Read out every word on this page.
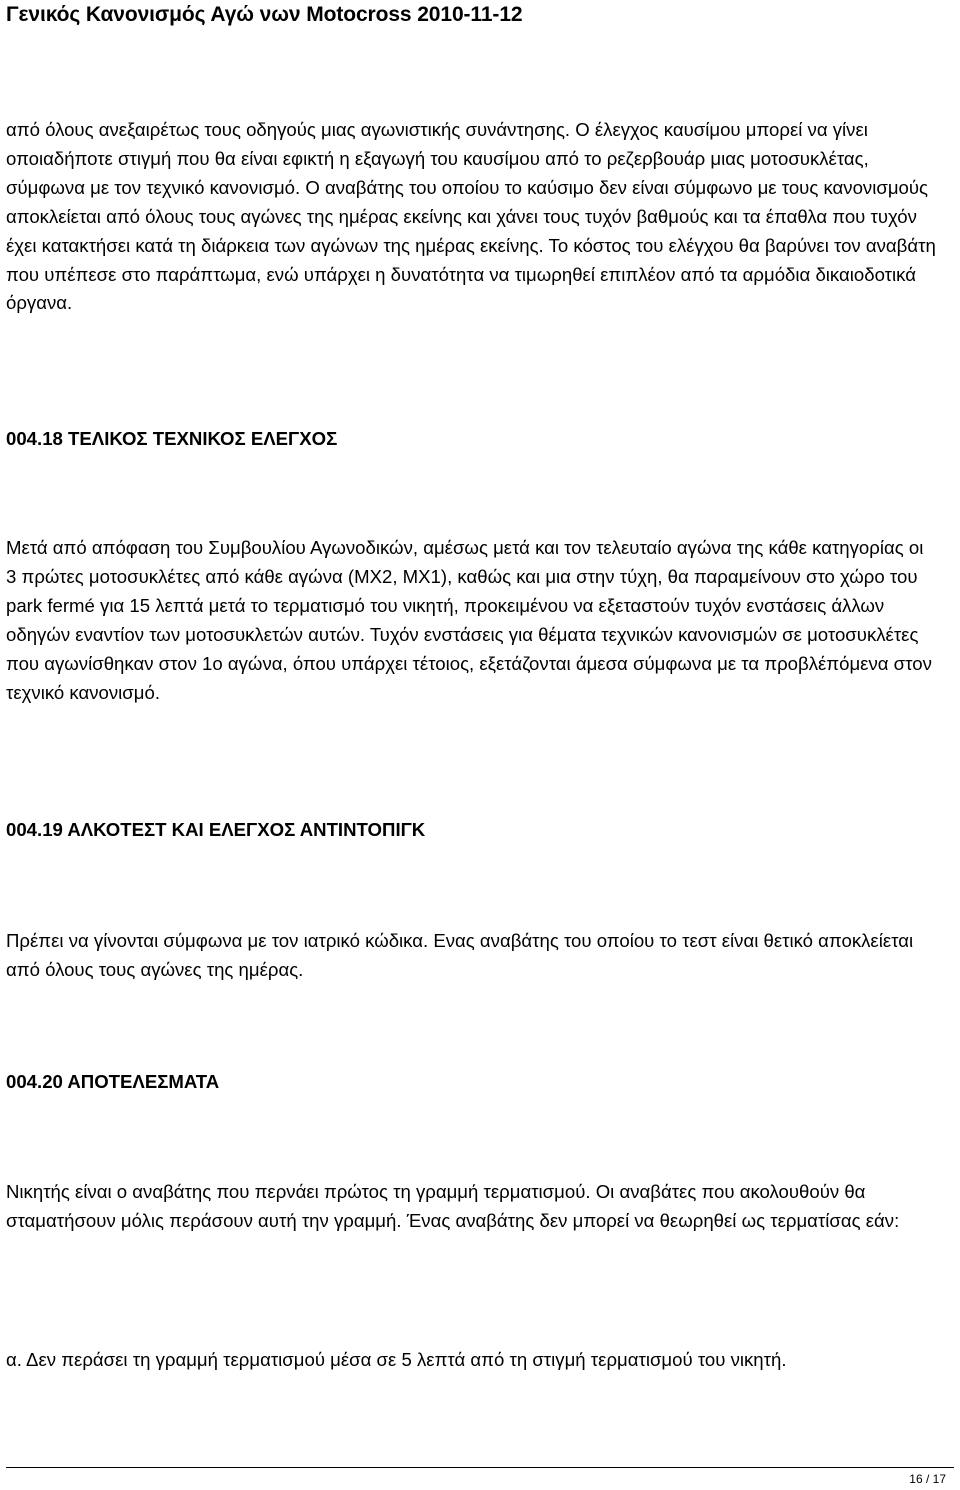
Γενικός Κανονισμός Αγώ νων Motocross 2010-11-12

από όλους ανεξαιρέτως τους οδηγούς μιας αγωνιστικής συνάντησης. Ο έλεγχος καυσίμου μπορεί να γίνει οποιαδήποτε στιγμή που θα είναι εφικτή η εξαγωγή του καυσίμου από το ρεζερβουάρ μιας μοτοσυκλέτας, σύμφωνα με τον τεχνικό κανονισμό. Ο αναβάτης του οποίου το καύσιμο δεν είναι σύμφωνο με τους κανονισμούς αποκλείεται από όλους τους αγώνες της ημέρας εκείνης και χάνει τους τυχόν βαθμούς και τα έπαθλα που τυχόν έχει κατακτήσει κατά τη διάρκεια των αγώνων της ημέρας εκείνης. Το κόστος του ελέγχου θα βαρύνει τον αναβάτη που υπέπεσε στο παράπτωμα, ενώ υπάρχει η δυνατότητα να τιμωρηθεί επιπλέον από τα αρμόδια δικαιοδοτικά όργανα.

004.18 ΤΕΛΙΚΟΣ ΤΕΧΝΙΚΟΣ ΕΛΕΓΧΟΣ

Μετά από απόφαση του Συμβουλίου Αγωνοδικών, αμέσως μετά και τον τελευταίο αγώνα της κάθε κατηγορίας οι 3 πρώτες μοτοσυκλέτες από κάθε αγώνα (MX2, MX1), καθώς και μια στην τύχη, θα παραμείνουν στο χώρο του park fermé για 15 λεπτά μετά το τερματισμό του νικητή, προκειμένου να εξεταστούν τυχόν ενστάσεις άλλων οδηγών εναντίον των μοτοσυκλετών αυτών. Τυχόν ενστάσεις για θέματα τεχνικών κανονισμών σε μοτοσυκλέτες που αγωνίσθηκαν στον 1ο αγώνα, όπου υπάρχει τέτοιος, εξετάζονται άμεσα σύμφωνα με τα προβλέπόμενα στον τεχνικό κανονισμό.

004.19 ΑΛΚΟΤΕΣΤ ΚΑΙ ΕΛΕΓΧΟΣ ΑΝΤΙΝΤΟΠΙΓΚ

Πρέπει να γίνονται σύμφωνα με τον ιατρικό κώδικα. Ενας αναβάτης του οποίου το τεστ είναι θετικό αποκλείεται από όλους τους αγώνες της ημέρας.

004.20 ΑΠΟΤΕΛΕΣΜΑΤΑ

Νικητής είναι ο αναβάτης που περνάει πρώτος τη γραμμή τερματισμού. Οι αναβάτες που ακολουθούν θα σταματήσουν μόλις περάσουν αυτή την γραμμή. Ένας αναβάτης δεν μπορεί να θεωρηθεί ως τερματίσας εάν:

α. Δεν περάσει τη γραμμή τερματισμού μέσα σε 5 λεπτά από τη στιγμή τερματισμού του νικητή.

16 / 17
